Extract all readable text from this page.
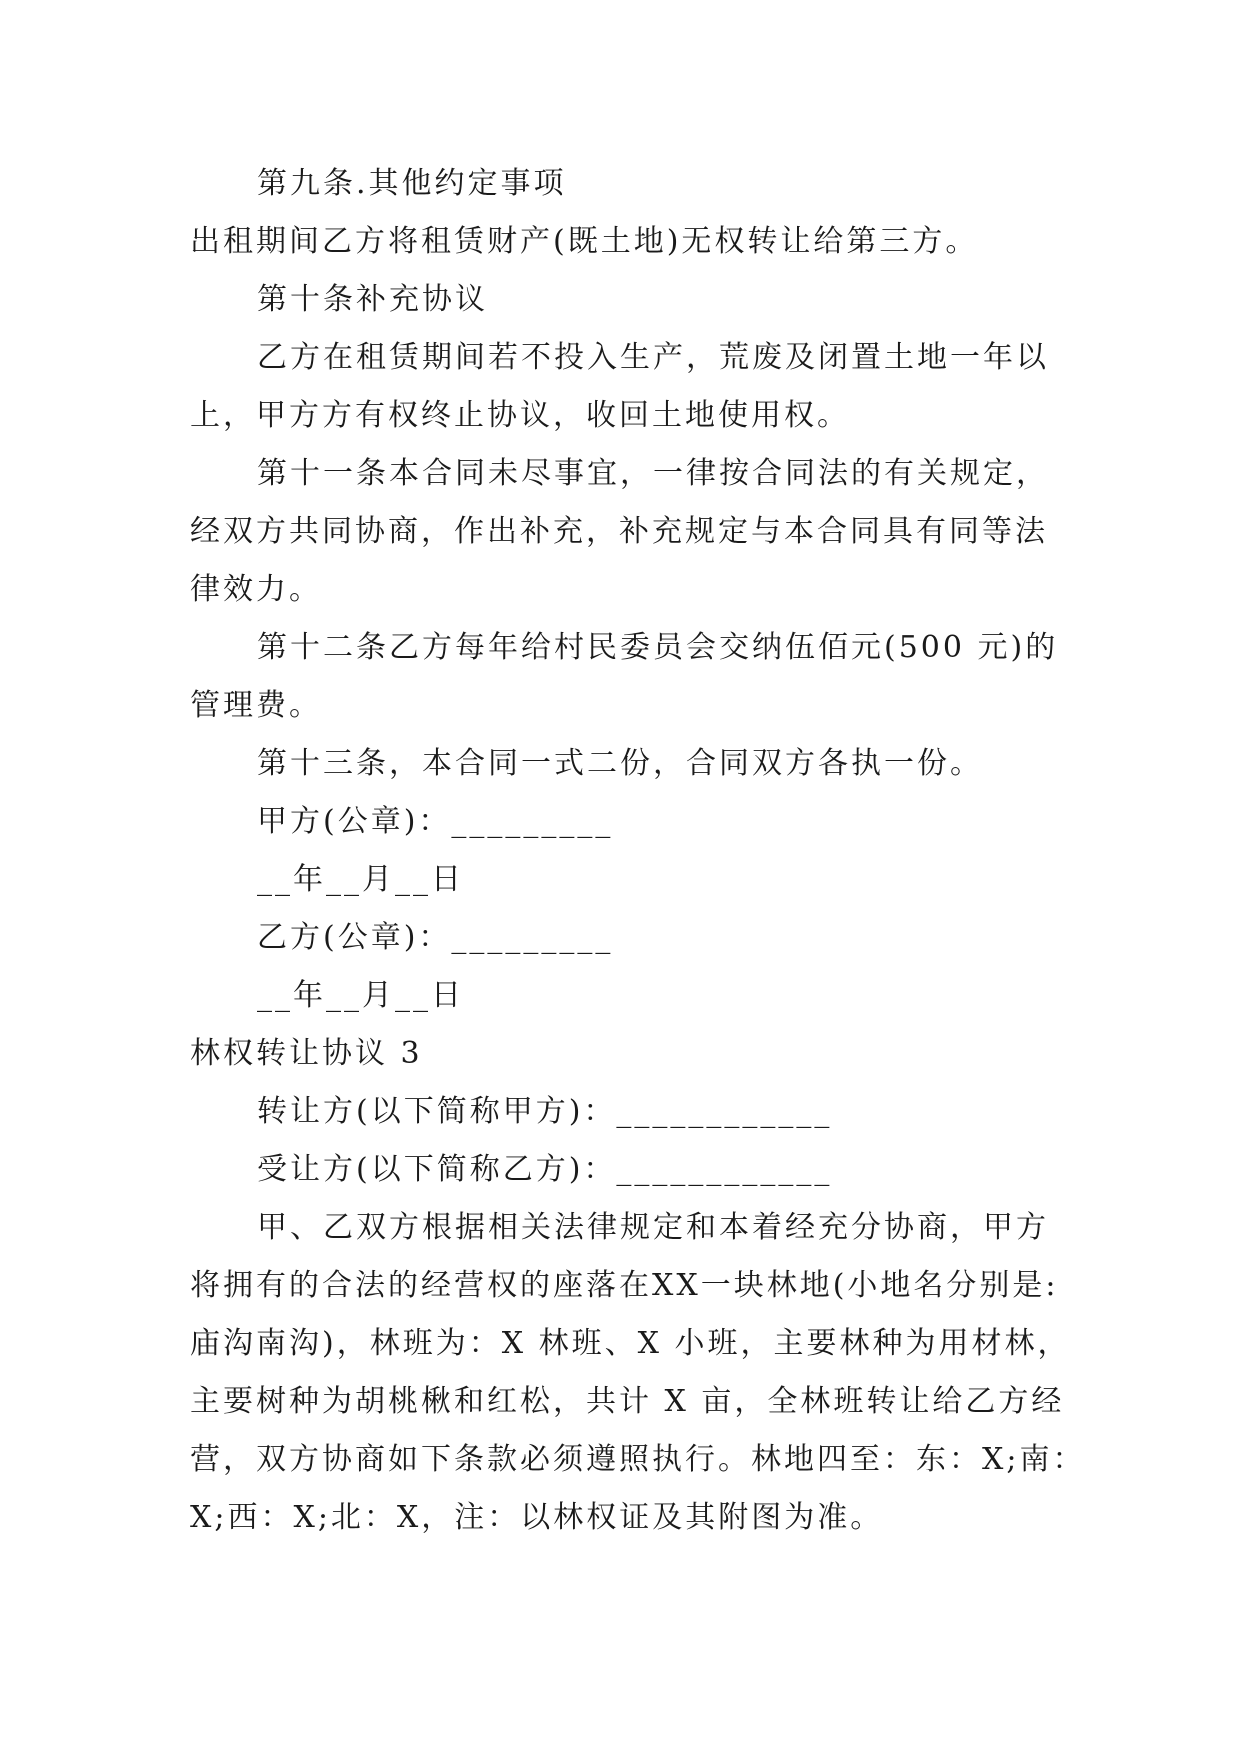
第九条.其他约定事项

出租期间乙方将租赁财产(既土地)无权转让给第三方。

第十条补充协议

乙方在租赁期间若不投入生产，荒废及闭置土地一年以

上，甲方方有权终止协议，收回土地使用权。

第十一条本合同未尽事宜，一律按合同法的有关规定，

经双方共同协商，作出补充，补充规定与本合同具有同等法

律效力。

第十二条乙方每年给村民委员会交纳伍佰元(500 元)的

管理费。

第十三条，本合同一式二份，合同双方各执一份。

甲方(公章)：_________

__年__月__日

乙方(公章)：_________

__年__月__日

林权转让协议 3

转让方(以下简称甲方)：____________

受让方(以下简称乙方)：____________

甲、乙双方根据相关法律规定和本着经充分协商，甲方

将拥有的合法的经营权的座落在XX一块林地(小地名分别是:

庙沟南沟)，林班为：X 林班、X 小班，主要林种为用材林，

主要树种为胡桃楸和红松，共计 X 亩，全林班转让给乙方经

营，双方协商如下条款必须遵照执行。林地四至：东：X;南：

X;西：X;北：X，注：以林权证及其附图为准。
